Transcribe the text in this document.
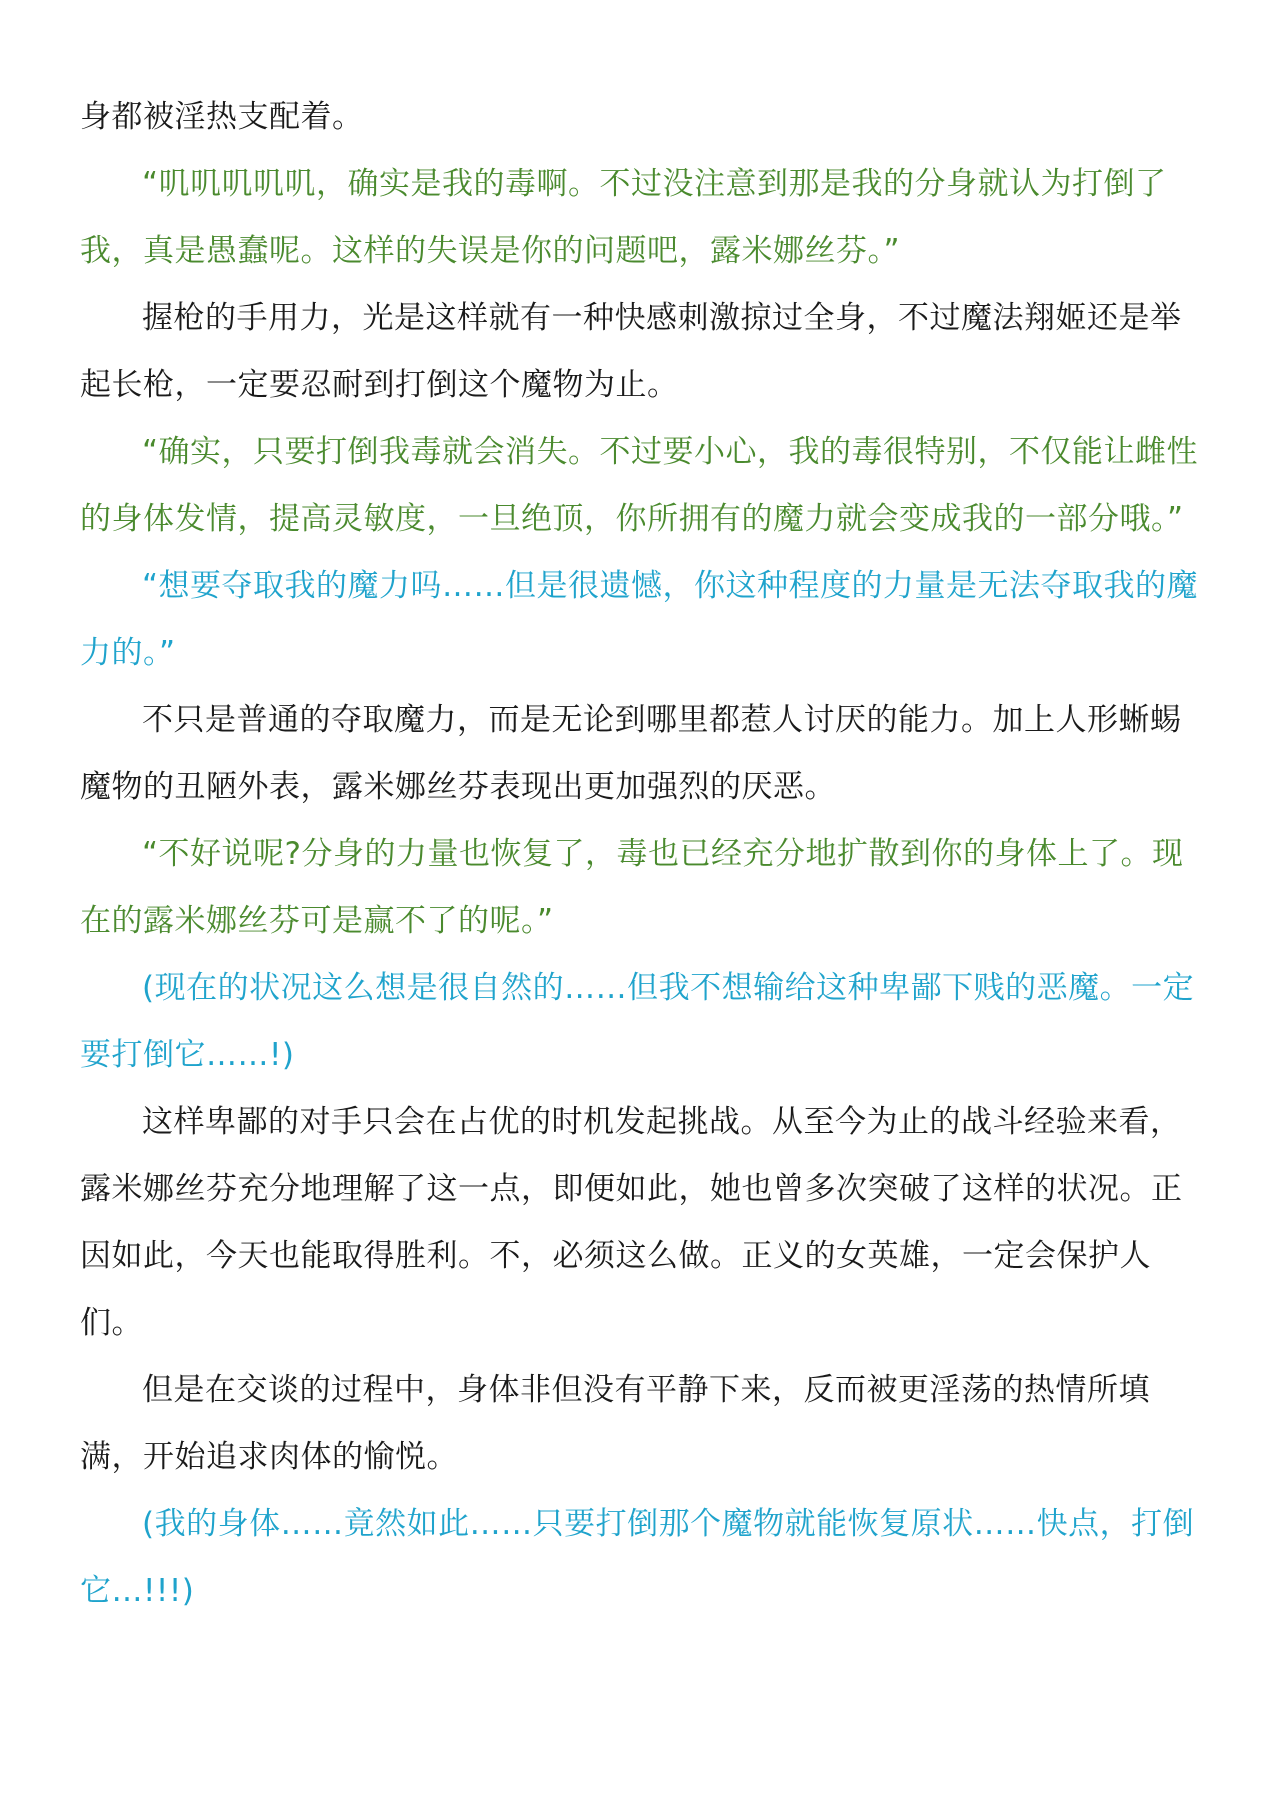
身都被淫热支配着。

“叽叽叽叽叽，确实是我的毒啊。不过没注意到那是我的分身就认为打倒了我，真是愚蠢呢。这样的失误是你的问题吧，露米娜丝芬。”

握枪的手用力，光是这样就有一种快感刺激掠过全身，不过魔法翔姬还是举起长枪，一定要忍耐到打倒这个魔物为止。

“确实，只要打倒我毒就会消失。不过要小心，我的毒很特别，不仅能让雌性的身体发情，提高灵敏度，一旦绝顶，你所拥有的魔力就会变成我的一部分哦。”

“想要夺取我的魔力吗……但是很遗憾，你这种程度的力量是无法夺取我的魔力的。”

不只是普通的夺取魔力，而是无论到哪里都惹人讨厌的能力。加上人形蜥蜴魔物的丑陋外表，露米娜丝芬表现出更加强烈的厌恶。

“不好说呢?分身的力量也恢复了，毒也已经充分地扩散到你的身体上了。现在的露米娜丝芬可是赢不了的呢。”

(现在的状况这么想是很自然的……但我不想输给这种卑鄙下贱的恶魔。一定要打倒它……!)

这样卑鄙的对手只会在占优的时机发起挑战。从至今为止的战斗经验来看，露米娜丝芬充分地理解了这一点，即便如此，她也曾多次突破了这样的状况。正因如此，今天也能取得胜利。不，必须这么做。正义的女英雄，一定会保护人们。

但是在交谈的过程中，身体非但没有平静下来，反而被更淫荡的热情所填满，开始追求肉体的愉悦。

(我的身体……竟然如此……只要打倒那个魔物就能恢复原状……快点，打倒它…!!!)
